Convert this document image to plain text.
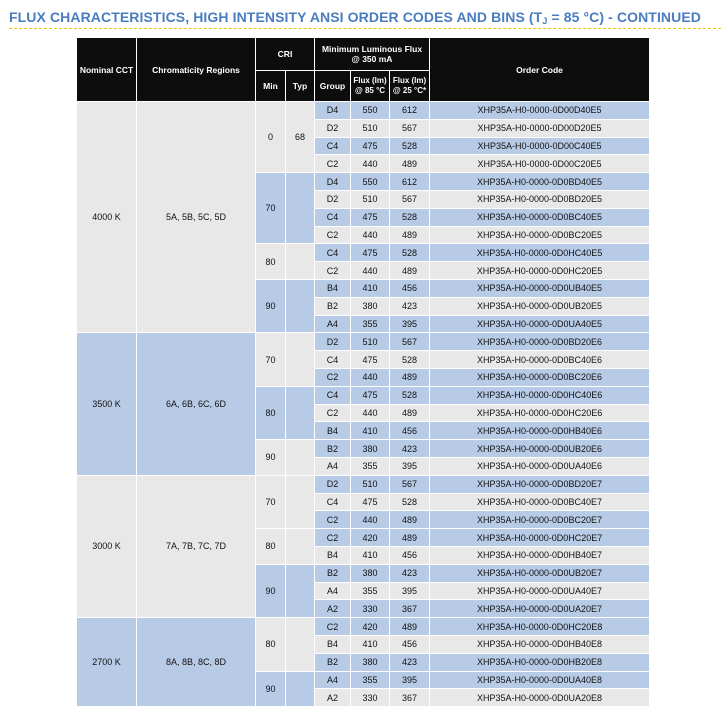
FLUX CHARACTERISTICS, HIGH INTENSITY ANSI ORDER CODES AND BINS ($T_J = 85$ °C) - CONTINUED
Nominal CCT	Chromaticity Regions	CRI		Minimum Luminous Flux @ 350 mA			Order Code
		Min	Typ	Group	Flux (lm) @ 85 °C	Flux (lm) @ 25 °C*	
4000 K	5A, 5B, 5C, 5D	0	68	D4	550	612	XHP35A-H0-0000-0D00D40E5
				D2	510	567	XHP35A-H0-0000-0D00D20E5
				C4	475	528	XHP35A-H0-0000-0D00C40E5
				C2	440	489	XHP35A-H0-0000-0D00C20E5
		70		D4	550	612	XHP35A-H0-0000-0D0BD40E5
				D2	510	567	XHP35A-H0-0000-0D0BD20E5
				C4	475	528	XHP35A-H0-0000-0D0BC40E5
				C2	440	489	XHP35A-H0-0000-0D0BC20E5
		80		C4	475	528	XHP35A-H0-0000-0D0HC40E5
				C2	440	489	XHP35A-H0-0000-0D0HC20E5
		90		B4	410	456	XHP35A-H0-0000-0D0UB40E5
				B2	380	423	XHP35A-H0-0000-0D0UB20E5
				A4	355	395	XHP35A-H0-0000-0D0UA40E5
3500 K	6A, 6B, 6C, 6D	70		D2	510	567	XHP35A-H0-0000-0D0BD20E6
				C4	475	528	XHP35A-H0-0000-0D0BC40E6
				C2	440	489	XHP35A-H0-0000-0D0BC20E6
		80		C4	475	528	XHP35A-H0-0000-0D0HC40E6
				C2	440	489	XHP35A-H0-0000-0D0HC20E6
				B4	410	456	XHP35A-H0-0000-0D0HB40E6
		90		B2	380	423	XHP35A-H0-0000-0D0UB20E6
				A4	355	395	XHP35A-H0-0000-0D0UA40E6
3000 K	7A, 7B, 7C, 7D	70		D2	510	567	XHP35A-H0-0000-0D0BD20E7
				C4	475	528	XHP35A-H0-0000-0D0BC40E7
				C2	440	489	XHP35A-H0-0000-0D0BC20E7
		80		C2	420	489	XHP35A-H0-0000-0D0HC20E7
				B4	410	456	XHP35A-H0-0000-0D0HB40E7
		90		B2	380	423	XHP35A-H0-0000-0D0UB20E7
				A4	355	395	XHP35A-H0-0000-0D0UA40E7
				A2	330	367	XHP35A-H0-0000-0D0UA20E7
2700 K	8A, 8B, 8C, 8D	80		C2	420	489	XHP35A-H0-0000-0D0HC20E8
				B4	410	456	XHP35A-H0-0000-0D0HB40E8
				B2	380	423	XHP35A-H0-0000-0D0HB20E8
		90		A4	355	395	XHP35A-H0-0000-0D0UA40E8
				A2	330	367	XHP35A-H0-0000-0D0UA20E8
